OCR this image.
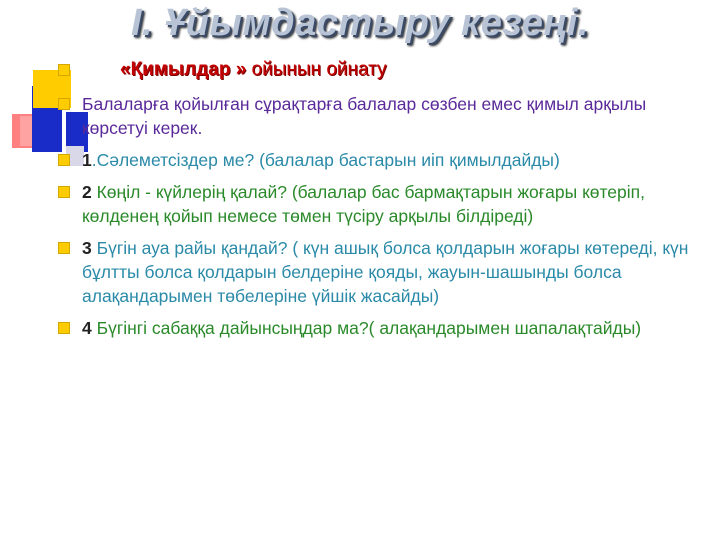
I. Ұйымдастыру кезеңі.
«Қимылдар » ойынын ойнату
Балаларға қойылған сұрақтарға балалар сөзбен емес қимыл арқылы көрсетуі керек.
1.Сәлеметсіздер ме? (балалар бастарын иіп қимылдайды)
2 Көңіл - күйлерің қалай? (балалар бас бармақтарын жоғары көтеріп, көлденең қойып немесе төмен түсіру арқылы білдіреді)
3 Бүгін ауа райы қандай? ( күн ашық болса қолдарын жоғары көтереді, күн бұлтты болса қолдарын белдеріне қояды, жауын-шашынды болса алақандарымен төбелеріне үйшік жасайды)
4 Бүгінгі сабаққа дайынсыңдар ма?( алақандарымен шапалақтайды)
